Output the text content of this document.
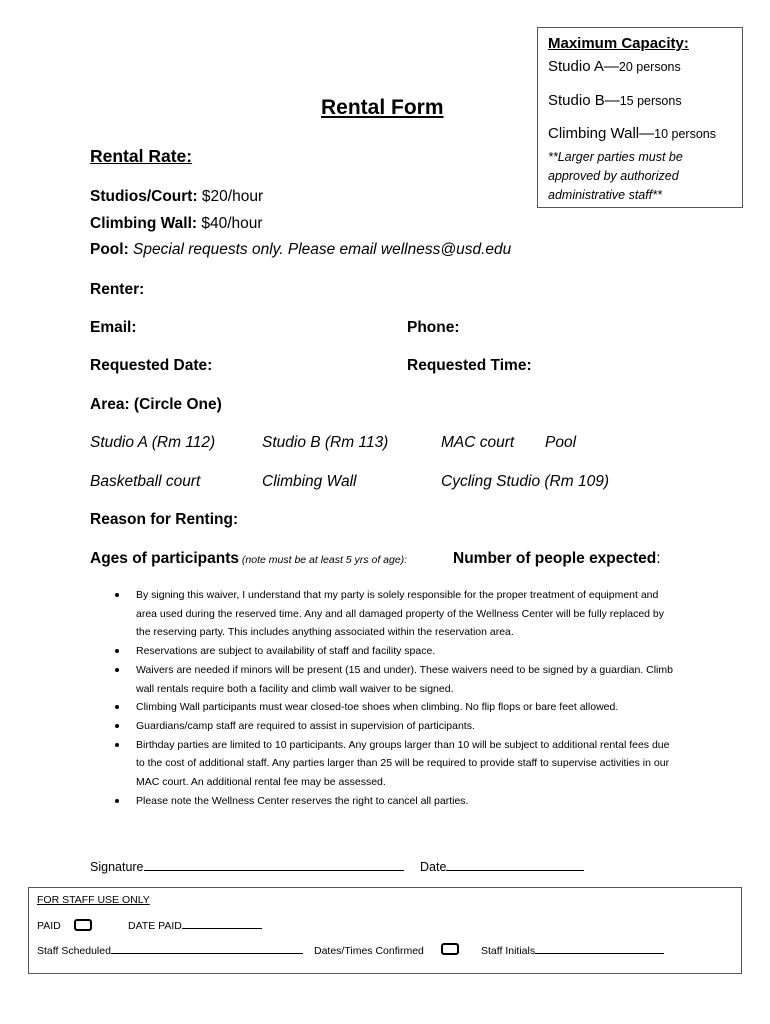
Maximum Capacity:
Studio A—20 persons
Studio B—15 persons
Climbing Wall—10 persons
**Larger parties must be approved by authorized administrative staff**
Rental Form
Rental Rate:
Studios/Court: $20/hour
Climbing Wall: $40/hour
Pool: Special requests only. Please email wellness@usd.edu
Renter:
Email:	Phone:
Requested Date:	Requested Time:
Area: (Circle One)
Studio A (Rm 112)	Studio B (Rm 113)	MAC court Pool
Basketball court	Climbing Wall	Cycling Studio (Rm 109)
Reason for Renting:
Ages of participants (note must be at least 5 yrs of age):	Number of people expected:
By signing this waiver, I understand that my party is solely responsible for the proper treatment of equipment and area used during the reserved time. Any and all damaged property of the Wellness Center will be fully replaced by the reserving party. This includes anything associated within the reservation area.
Reservations are subject to availability of staff and facility space.
Waivers are needed if minors will be present (15 and under). These waivers need to be signed by a guardian. Climb wall rentals require both a facility and climb wall waiver to be signed.
Climbing Wall participants must wear closed-toe shoes when climbing. No flip flops or bare feet allowed.
Guardians/camp staff are required to assist in supervision of participants.
Birthday parties are limited to 10 participants. Any groups larger than 10 will be subject to additional rental fees due to the cost of additional staff. Any parties larger than 25 will be required to provide staff to supervise activities in our MAC court. An additional rental fee may be assessed.
Please note the Wellness Center reserves the right to cancel all parties.
Signature	Date
FOR STAFF USE ONLY
PAID	DATE PAID
Staff Scheduled	Dates/Times Confirmed	Staff Initials
